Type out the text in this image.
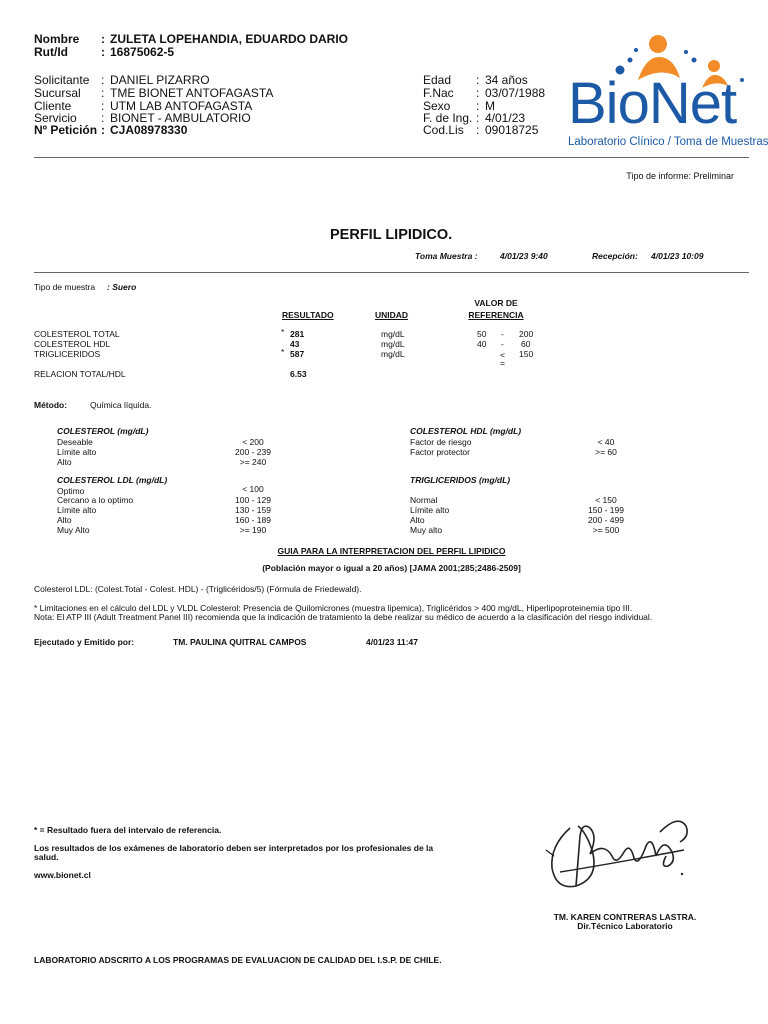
Nombre : ZULETA LOPEHANDIA, EDUARDO DARIO
Rut/Id	: 16875062-5
Solicitante : DANIEL PIZARRO
Sucursal : TME BIONET ANTOFAGASTA
Cliente : UTM LAB ANTOFAGASTA
Servicio : BIONET - AMBULATORIO
Nº Petición : CJA08978330
Edad : 34 años
F.Nac : 03/07/1988
Sexo : M
F. de Ing. : 4/01/23
Cod.Lis : 09018725 BioNet
Laboratorio Clínico / Toma de Muestras
Tipo de informe: Preliminar
PERFIL LIPIDICO.
Toma Muestra :	4/01/23 9:40	Recepción: 4/01/23 10:09
Tipo de muestra : Suero
RESULTADO	UNIDAD
VALOR DE
REFERENCIA
COLESTEROL TOTAL	* 281	mg/dL	50 - 200
COLESTEROL HDL	43	mg/dL	40 - 60
TRIGLICERIDOS	* 587	mg/dL	< 150
=
RELACION TOTAL/HDL	6.53
Método:	Química líquida.
COLESTEROL (mg/dL)
Deseable	< 200
Límite alto	200 - 239
Alto	>= 240
COLESTEROL HDL (mg/dL)
Factor de riesgo	< 40
Factor protector	>= 60
COLESTEROL LDL (mg/dL)
Optimo	< 100
Cercano a lo optimo	100 - 129
Límite alto	130 - 159
Alto	160 - 189
Muy Alto	>= 190
TRIGLICERIDOS (mg/dL)
Normal	< 150
Límite alto	150 - 199
Alto	200 - 499
Muy alto	>= 500
GUIA PARA LA INTERPRETACION DEL PERFIL LIPIDICO
(Población mayor o igual a 20 años) [JAMA 2001;285;2486-2509]
Colesterol LDL: (Colest.Total - Colest. HDL) - (Triglicéridos/5) (Fórmula de Friedewald).
* Limitaciones en el cálculo del LDL y VLDL Colesterol: Presencia de Quilomicrones (muestra lipemica), Triglicéridos > 400 mg/dL, Hiperlipoproteinemia tipo III.
Nota: El ATP III (Adult Treatment Panel III) recomienda que la indicación de tratamiento la debe realizar su médico de acuerdo a la clasificación del riesgo individual.
Ejecutado y Emitido por:	TM. PAULINA QUITRAL CAMPOS	4/01/23 11:47
* = Resultado fuera del intervalo de referencia.
Los resultados de los exámenes de laboratorio deben ser interpretados por los profesionales de la
salud.
www.bionet.cl
TM. KAREN CONTRERAS LASTRA.
Dir.Técnico Laboratorio
LABORATORIO ADSCRITO A LOS PROGRAMAS DE EVALUACION DE CALIDAD DEL I.S.P. DE CHILE.
